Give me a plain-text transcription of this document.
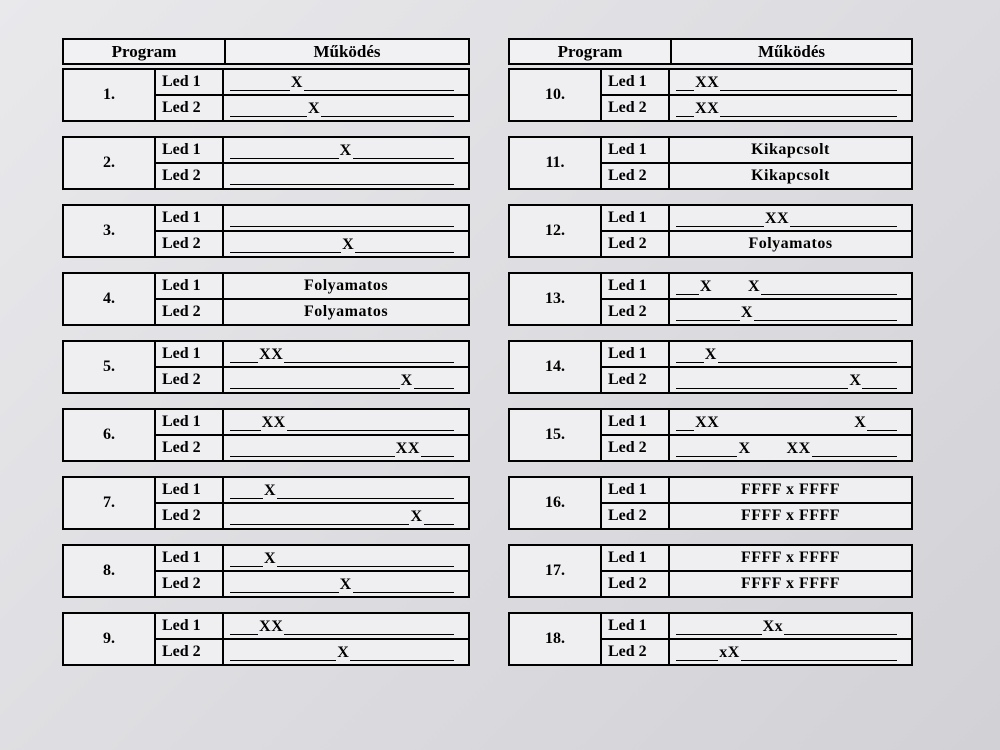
Program	Működés
1.
Led 1	X
Led 2	X
2.
Led 1	X
Led 2
3.
Led 1
Led 2	X
4.
Led 1	Folyamatos
Led 2	Folyamatos
5.
Led 1	XX
Led 2	X
6.
Led 1	XX
Led 2	XX
7.
Led 1	X
Led 2	X
8.
Led 1	X
Led 2	X
9.
Led 1	XX
Led 2	X
Program	Működés
10.
Led 1	XX
Led 2	XX
11.
Led 1	Kikapcsolt
Led 2	Kikapcsolt
12.
Led 1	XX
Led 2	Folyamatos
13.
Led 1	X        X
Led 2	X
14.
Led 1	X
Led 2	X
15.
Led 1	XX                              X
Led 2	X        XX
16.
Led 1	FFFF x FFFF
Led 2	FFFF x FFFF
17.
Led 1	FFFF x FFFF
Led 2	FFFF x FFFF
18.
Led 1	Xx
Led 2	xX
